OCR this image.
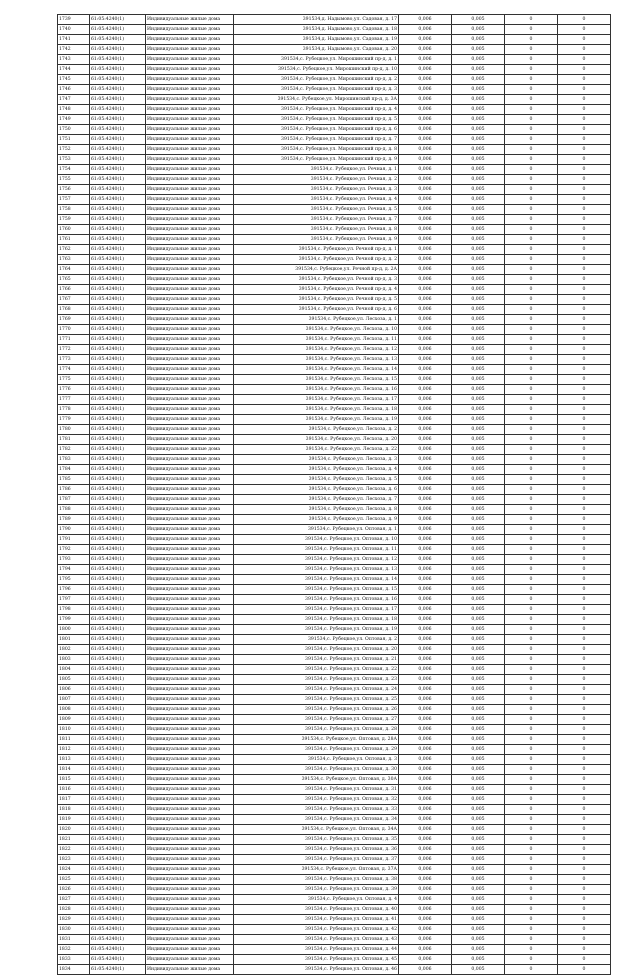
1739	61:05:4240(1)	Индивидуальные жилые дома	391534,д. Надымово,ул. Садовая, д. 17	0,006	0,005	0	0
1740	61:05:4240(1)	Индивидуальные жилые дома	391534,д. Надымово,ул. Садовая, д. 18	0,006	0,005	0	0
1741	61:05:4240(1)	Индивидуальные жилые дома	391534,д. Надымово,ул. Садовая, д. 19	0,006	0,005	0	0
1742	61:05:4240(1)	Индивидуальные жилые дома	391534,д. Надымово,ул. Садовая, д. 20	0,006	0,005	0	0
1743	61:05:4240(1)	Индивидуальные жилые дома	391534,с. Рубецкое,ул. Мирошинский пр-д, д. 1	0,006	0,005	0	0
1744	61:05:4240(1)	Индивидуальные жилые дома	391534,с. Рубецкое,ул. Мирошинский пр-д, д. 10	0,006	0,005	0	0
1745	61:05:4240(1)	Индивидуальные жилые дома	391534,с. Рубецкое,ул. Мирошинский пр-д, д. 2	0,006	0,005	0	0
1746	61:05:4240(1)	Индивидуальные жилые дома	391534,с. Рубецкое,ул. Мирошинский пр-д, д. 3	0,006	0,005	0	0
1747	61:05:4240(1)	Индивидуальные жилые дома	391534,с. Рубецкое,ул. Мирошинский пр-д, д. 3А	0,006	0,005	0	0
1748	61:05:4240(1)	Индивидуальные жилые дома	391534,с. Рубецкое,ул. Мирошинский пр-д, д. 4	0,006	0,005	0	0
1749	61:05:4240(1)	Индивидуальные жилые дома	391534,с. Рубецкое,ул. Мирошинский пр-д, д. 5	0,006	0,005	0	0
1750	61:05:4240(1)	Индивидуальные жилые дома	391534,с. Рубецкое,ул. Мирошинский пр-д, д. 6	0,006	0,005	0	0
1751	61:05:4240(1)	Индивидуальные жилые дома	391534,с. Рубецкое,ул. Мирошинский пр-д, д. 7	0,006	0,005	0	0
1752	61:05:4240(1)	Индивидуальные жилые дома	391534,с. Рубецкое,ул. Мирошинский пр-д, д. 8	0,006	0,005	0	0
1753	61:05:4240(1)	Индивидуальные жилые дома	391534,с. Рубецкое,ул. Мирошинский пр-д, д. 9	0,006	0,005	0	0
1754	61:05:4240(1)	Индивидуальные жилые дома	391534,с. Рубецкое,ул. Речная, д. 1	0,006	0,005	0	0
1755	61:05:4240(1)	Индивидуальные жилые дома	391534,с. Рубецкое,ул. Речная, д. 2	0,006	0,005	0	0
1756	61:05:4240(1)	Индивидуальные жилые дома	391534,с. Рубецкое,ул. Речная, д. 3	0,006	0,005	0	0
1757	61:05:4240(1)	Индивидуальные жилые дома	391534,с. Рубецкое,ул. Речная, д. 4	0,006	0,005	0	0
1758	61:05:4240(1)	Индивидуальные жилые дома	391534,с. Рубецкое,ул. Речная, д. 5	0,006	0,005	0	0
1759	61:05:4240(1)	Индивидуальные жилые дома	391534,с. Рубецкое,ул. Речная, д. 7	0,006	0,005	0	0
1760	61:05:4240(1)	Индивидуальные жилые дома	391534,с. Рубецкое,ул. Речная, д. 8	0,006	0,005	0	0
1761	61:05:4240(1)	Индивидуальные жилые дома	391534,с. Рубецкое,ул. Речная, д. 9	0,006	0,005	0	0
1762	61:05:4240(1)	Индивидуальные жилые дома	391534,с. Рубецкое,ул. Речной пр-д, д. 1	0,006	0,005	0	0
1763	61:05:4240(1)	Индивидуальные жилые дома	391534,с. Рубецкое,ул. Речной пр-д, д. 2	0,006	0,005	0	0
1764	61:05:4240(1)	Индивидуальные жилые дома	391534,с. Рубецкое,ул. Речной пр-д, д. 2А	0,006	0,005	0	0
1765	61:05:4240(1)	Индивидуальные жилые дома	391534,с. Рубецкое,ул. Речной пр-д, д. 3	0,006	0,005	0	0
1766	61:05:4240(1)	Индивидуальные жилые дома	391534,с. Рубецкое,ул. Речной пр-д, д. 4	0,006	0,005	0	0
1767	61:05:4240(1)	Индивидуальные жилые дома	391534,с. Рубецкое,ул. Речной пр-д, д. 5	0,006	0,005	0	0
1768	61:05:4240(1)	Индивидуальные жилые дома	391534,с. Рубецкое,ул. Речной пр-д, д. 6	0,006	0,005	0	0
1769	61:05:4240(1)	Индивидуальные жилые дома	391534,с. Рубецкое,ул. Лесхоза, д. 1	0,006	0,005	0	0
1770	61:05:4240(1)	Индивидуальные жилые дома	391534,с. Рубецкое,ул. Лесхоза, д. 10	0,006	0,005	0	0
1771	61:05:4240(1)	Индивидуальные жилые дома	391534,с. Рубецкое,ул. Лесхоза, д. 11	0,006	0,005	0	0
1772	61:05:4240(1)	Индивидуальные жилые дома	391534,с. Рубецкое,ул. Лесхоза, д. 12	0,006	0,005	0	0
1773	61:05:4240(1)	Индивидуальные жилые дома	391534,с. Рубецкое,ул. Лесхоза, д. 13	0,006	0,005	0	0
1774	61:05:4240(1)	Индивидуальные жилые дома	391534,с. Рубецкое,ул. Лесхоза, д. 14	0,006	0,005	0	0
1775	61:05:4240(1)	Индивидуальные жилые дома	391534,с. Рубецкое,ул. Лесхоза, д. 15	0,006	0,005	0	0
1776	61:05:4240(1)	Индивидуальные жилые дома	391534,с. Рубецкое,ул. Лесхоза, д. 16	0,006	0,005	0	0
1777	61:05:4240(1)	Индивидуальные жилые дома	391534,с. Рубецкое,ул. Лесхоза, д. 17	0,006	0,005	0	0
1778	61:05:4240(1)	Индивидуальные жилые дома	391534,с. Рубецкое,ул. Лесхоза, д. 18	0,006	0,005	0	0
1779	61:05:4240(1)	Индивидуальные жилые дома	391534,с. Рубецкое,ул. Лесхоза, д. 19	0,006	0,005	0	0
1780	61:05:4240(1)	Индивидуальные жилые дома	391534,с. Рубецкое,ул. Лесхоза, д. 2	0,006	0,005	0	0
1781	61:05:4240(1)	Индивидуальные жилые дома	391534,с. Рубецкое,ул. Лесхоза, д. 20	0,006	0,005	0	0
1782	61:05:4240(1)	Индивидуальные жилые дома	391534,с. Рубецкое,ул. Лесхоза, д. 22	0,006	0,005	0	0
1783	61:05:4240(1)	Индивидуальные жилые дома	391534,с. Рубецкое,ул. Лесхоза, д. 3	0,006	0,005	0	0
1784	61:05:4240(1)	Индивидуальные жилые дома	391534,с. Рубецкое,ул. Лесхоза, д. 4	0,006	0,005	0	0
1785	61:05:4240(1)	Индивидуальные жилые дома	391534,с. Рубецкое,ул. Лесхоза, д. 5	0,006	0,005	0	0
1786	61:05:4240(1)	Индивидуальные жилые дома	391534,с. Рубецкое,ул. Лесхоза, д. 6	0,006	0,005	0	0
1787	61:05:4240(1)	Индивидуальные жилые дома	391534,с. Рубецкое,ул. Лесхоза, д. 7	0,006	0,005	0	0
1788	61:05:4240(1)	Индивидуальные жилые дома	391534,с. Рубецкое,ул. Лесхоза, д. 8	0,006	0,005	0	0
1789	61:05:4240(1)	Индивидуальные жилые дома	391534,с. Рубецкое,ул. Лесхоза, д. 9	0,006	0,005	0	0
1790	61:05:4240(1)	Индивидуальные жилые дома	391534,с. Рубецкое,ул. Оптовая, д. 1	0,006	0,005	0	0
1791	61:05:4240(1)	Индивидуальные жилые дома	391534,с. Рубецкое,ул. Оптовая, д. 10	0,006	0,005	0	0
1792	61:05:4240(1)	Индивидуальные жилые дома	391534,с. Рубецкое,ул. Оптовая, д. 11	0,006	0,005	0	0
1793	61:05:4240(1)	Индивидуальные жилые дома	391534,с. Рубецкое,ул. Оптовая, д. 12	0,006	0,005	0	0
1794	61:05:4240(1)	Индивидуальные жилые дома	391534,с. Рубецкое,ул. Оптовая, д. 13	0,006	0,005	0	0
1795	61:05:4240(1)	Индивидуальные жилые дома	391534,с. Рубецкое,ул. Оптовая, д. 14	0,006	0,005	0	0
1796	61:05:4240(1)	Индивидуальные жилые дома	391534,с. Рубецкое,ул. Оптовая, д. 15	0,006	0,005	0	0
1797	61:05:4240(1)	Индивидуальные жилые дома	391534,с. Рубецкое,ул. Оптовая, д. 16	0,006	0,005	0	0
1798	61:05:4240(1)	Индивидуальные жилые дома	391534,с. Рубецкое,ул. Оптовая, д. 17	0,006	0,005	0	0
1799	61:05:4240(1)	Индивидуальные жилые дома	391534,с. Рубецкое,ул. Оптовая, д. 18	0,006	0,005	0	0
1800	61:05:4240(1)	Индивидуальные жилые дома	391534,с. Рубецкое,ул. Оптовая, д. 19	0,006	0,005	0	0
1801	61:05:4240(1)	Индивидуальные жилые дома	391534,с. Рубецкое,ул. Оптовая, д. 2	0,006	0,005	0	0
1802	61:05:4240(1)	Индивидуальные жилые дома	391534,с. Рубецкое,ул. Оптовая, д. 20	0,006	0,005	0	0
1803	61:05:4240(1)	Индивидуальные жилые дома	391534,с. Рубецкое,ул. Оптовая, д. 21	0,006	0,005	0	0
1804	61:05:4240(1)	Индивидуальные жилые дома	391534,с. Рубецкое,ул. Оптовая, д. 22	0,006	0,005	0	0
1805	61:05:4240(1)	Индивидуальные жилые дома	391534,с. Рубецкое,ул. Оптовая, д. 23	0,006	0,005	0	0
1806	61:05:4240(1)	Индивидуальные жилые дома	391534,с. Рубецкое,ул. Оптовая, д. 24	0,006	0,005	0	0
1807	61:05:4240(1)	Индивидуальные жилые дома	391534,с. Рубецкое,ул. Оптовая, д. 25	0,006	0,005	0	0
1808	61:05:4240(1)	Индивидуальные жилые дома	391534,с. Рубецкое,ул. Оптовая, д. 26	0,006	0,005	0	0
1809	61:05:4240(1)	Индивидуальные жилые дома	391534,с. Рубецкое,ул. Оптовая, д. 27	0,006	0,005	0	0
1810	61:05:4240(1)	Индивидуальные жилые дома	391534,с. Рубецкое,ул. Оптовая, д. 28	0,006	0,005	0	0
1811	61:05:4240(1)	Индивидуальные жилые дома	391534,с. Рубецкое,ул. Оптовая, д. 28А	0,006	0,005	0	0
1812	61:05:4240(1)	Индивидуальные жилые дома	391534,с. Рубецкое,ул. Оптовая, д. 29	0,006	0,005	0	0
1813	61:05:4240(1)	Индивидуальные жилые дома	391534,с. Рубецкое,ул. Оптовая, д. 3	0,006	0,005	0	0
1814	61:05:4240(1)	Индивидуальные жилые дома	391534,с. Рубецкое,ул. Оптовая, д. 30	0,006	0,005	0	0
1815	61:05:4240(1)	Индивидуальные жилые дома	391534,с. Рубецкое,ул. Оптовая, д. 30А	0,006	0,005	0	0
1816	61:05:4240(1)	Индивидуальные жилые дома	391534,с. Рубецкое,ул. Оптовая, д. 31	0,006	0,005	0	0
1817	61:05:4240(1)	Индивидуальные жилые дома	391534,с. Рубецкое,ул. Оптовая, д. 32	0,006	0,005	0	0
1818	61:05:4240(1)	Индивидуальные жилые дома	391534,с. Рубецкое,ул. Оптовая, д. 33	0,006	0,005	0	0
1819	61:05:4240(1)	Индивидуальные жилые дома	391534,с. Рубецкое,ул. Оптовая, д. 34	0,006	0,005	0	0
1820	61:05:4240(1)	Индивидуальные жилые дома	391534,с. Рубецкое,ул. Оптовая, д. 34А	0,006	0,005	0	0
1821	61:05:4240(1)	Индивидуальные жилые дома	391534,с. Рубецкое,ул. Оптовая, д. 35	0,006	0,005	0	0
1822	61:05:4240(1)	Индивидуальные жилые дома	391534,с. Рубецкое,ул. Оптовая, д. 36	0,006	0,005	0	0
1823	61:05:4240(1)	Индивидуальные жилые дома	391534,с. Рубецкое,ул. Оптовая, д. 37	0,006	0,005	0	0
1824	61:05:4240(1)	Индивидуальные жилые дома	391534,с. Рубецкое,ул. Оптовая, д. 37А	0,006	0,005	0	0
1825	61:05:4240(1)	Индивидуальные жилые дома	391534,с. Рубецкое,ул. Оптовая, д. 38	0,006	0,005	0	0
1826	61:05:4240(1)	Индивидуальные жилые дома	391534,с. Рубецкое,ул. Оптовая, д. 39	0,006	0,005	0	0
1827	61:05:4240(1)	Индивидуальные жилые дома	391534,с. Рубецкое,ул. Оптовая, д. 4	0,006	0,005	0	0
1828	61:05:4240(1)	Индивидуальные жилые дома	391534,с. Рубецкое,ул. Оптовая, д. 40	0,006	0,005	0	0
1829	61:05:4240(1)	Индивидуальные жилые дома	391534,с. Рубецкое,ул. Оптовая, д. 41	0,006	0,005	0	0
1830	61:05:4240(1)	Индивидуальные жилые дома	391534,с. Рубецкое,ул. Оптовая, д. 42	0,006	0,005	0	0
1831	61:05:4240(1)	Индивидуальные жилые дома	391534,с. Рубецкое,ул. Оптовая, д. 43	0,006	0,005	0	0
1832	61:05:4240(1)	Индивидуальные жилые дома	391534,с. Рубецкое,ул. Оптовая, д. 44	0,006	0,005	0	0
1833	61:05:4240(1)	Индивидуальные жилые дома	391534,с. Рубецкое,ул. Оптовая, д. 45	0,006	0,005	0	0
1834	61:05:4240(1)	Индивидуальные жилые дома	391534,с. Рубецкое,ул. Оптовая, д. 46	0,006	0,005	0	0
